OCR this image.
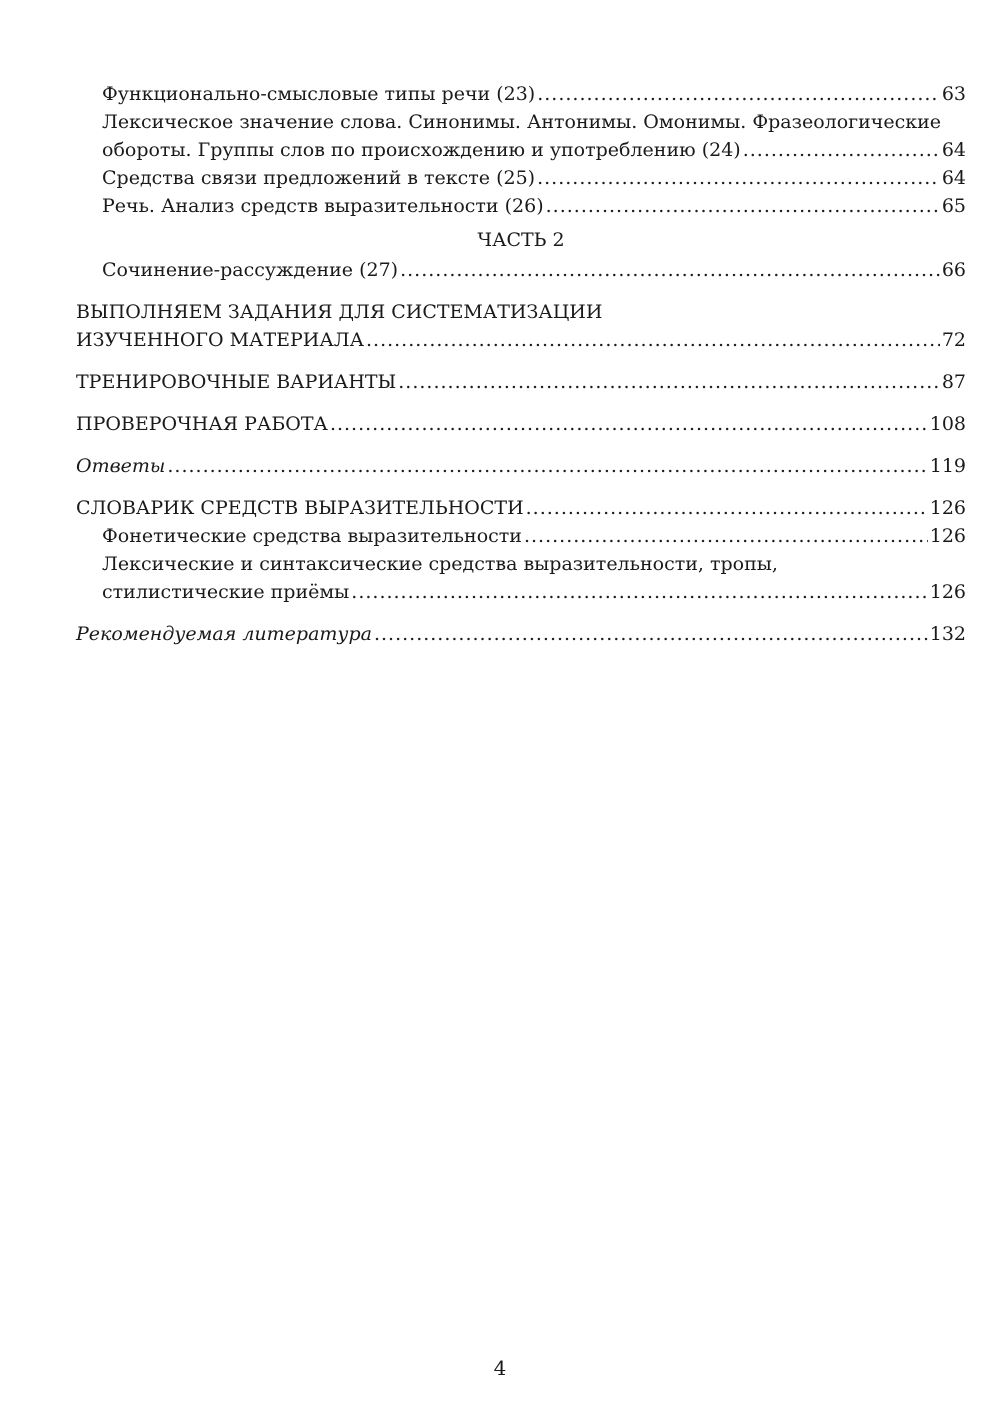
Функционально-смысловые типы речи (23) .....	63
Лексическое значение слова. Синонимы. Антонимы. Омонимы. Фразеологические
обороты. Группы слов по происхождению и употреблению (24) .....	64
Средства связи предложений в тексте (25) .....	64
Речь. Анализ средств выразительности (26) .....	65
ЧАСТЬ 2
Сочинение-рассуждение (27) .....	66
ВЫПОЛНЯЕМ ЗАДАНИЯ ДЛЯ СИСТЕМАТИЗАЦИИ
ИЗУЧЕННОГО МАТЕРИАЛА .....	72
ТРЕНИРОВОЧНЫЕ ВАРИАНТЫ .....	87
ПРОВЕРОЧНАЯ РАБОТА .....	108
Ответы .....	119
СЛОВАРИК СРЕДСТВ ВЫРАЗИТЕЛЬНОСТИ .....	126
Фонетические средства выразительности .....	126
Лексические и синтаксические средства выразительности, тропы,
стилистические приёмы .....	126
Рекомендуемая литература .....	132
4
